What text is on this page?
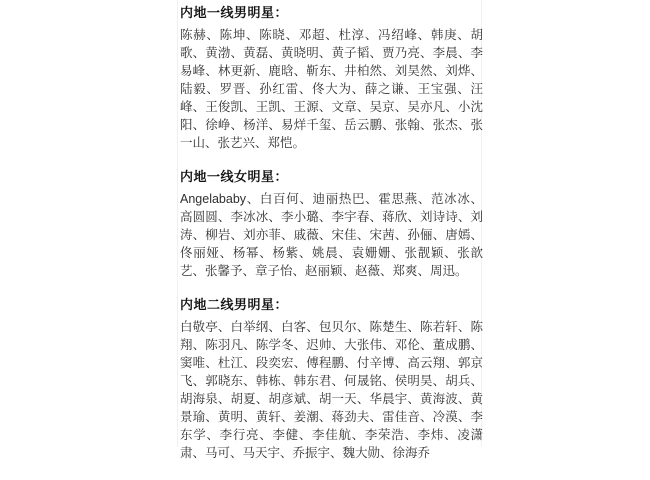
内地一线男明星：

陈赫、陈坤、陈晓、邓超、杜淳、冯绍峰、韩庚、胡歌、黄渤、黄磊、黄晓明、黄子韬、贾乃亮、李晨、李易峰、林更新、鹿晗、靳东、井柏然、刘昊然、刘烨、陆毅、罗晋、孙红雷、佟大为、薛之谦、王宝强、汪峰、王俊凯、王凯、王源、文章、吴京、吴亦凡、小沈阳、徐峥、杨洋、易烊千玺、岳云鹏、张翰、张杰、张一山、张艺兴、郑恺。

内地一线女明星：

Angelababy、白百何、迪丽热巴、霍思燕、范冰冰、高圆圆、李冰冰、李小璐、李宇春、蒋欣、刘诗诗、刘涛、柳岩、刘亦菲、戚薇、宋佳、宋茜、孙俪、唐嫣、佟丽娅、杨幂、杨紫、姚晨、袁姗姗、张靓颖、张歆艺、张馨予、章子怡、赵丽颖、赵薇、郑爽、周迅。

内地二线男明星：

白敬亭、白举纲、白客、包贝尔、陈楚生、陈若轩、陈翔、陈羽凡、陈学冬、迟帅、大张伟、邓伦、董成鹏、窦唯、杜江、段奕宏、傅程鹏、付辛博、高云翔、郭京飞、郭晓东、韩栋、韩东君、何晟铭、侯明昊、胡兵、胡海泉、胡夏、胡彦斌、胡一天、华晨宇、黄海波、黄景瑜、黄明、黄轩、姜潮、蒋劲夫、雷佳音、冷漠、李东学、李行亮、李健、李佳航、李荣浩、李炜、凌潇肃、马可、马天宇、乔振宇、魏大勋、徐海乔
